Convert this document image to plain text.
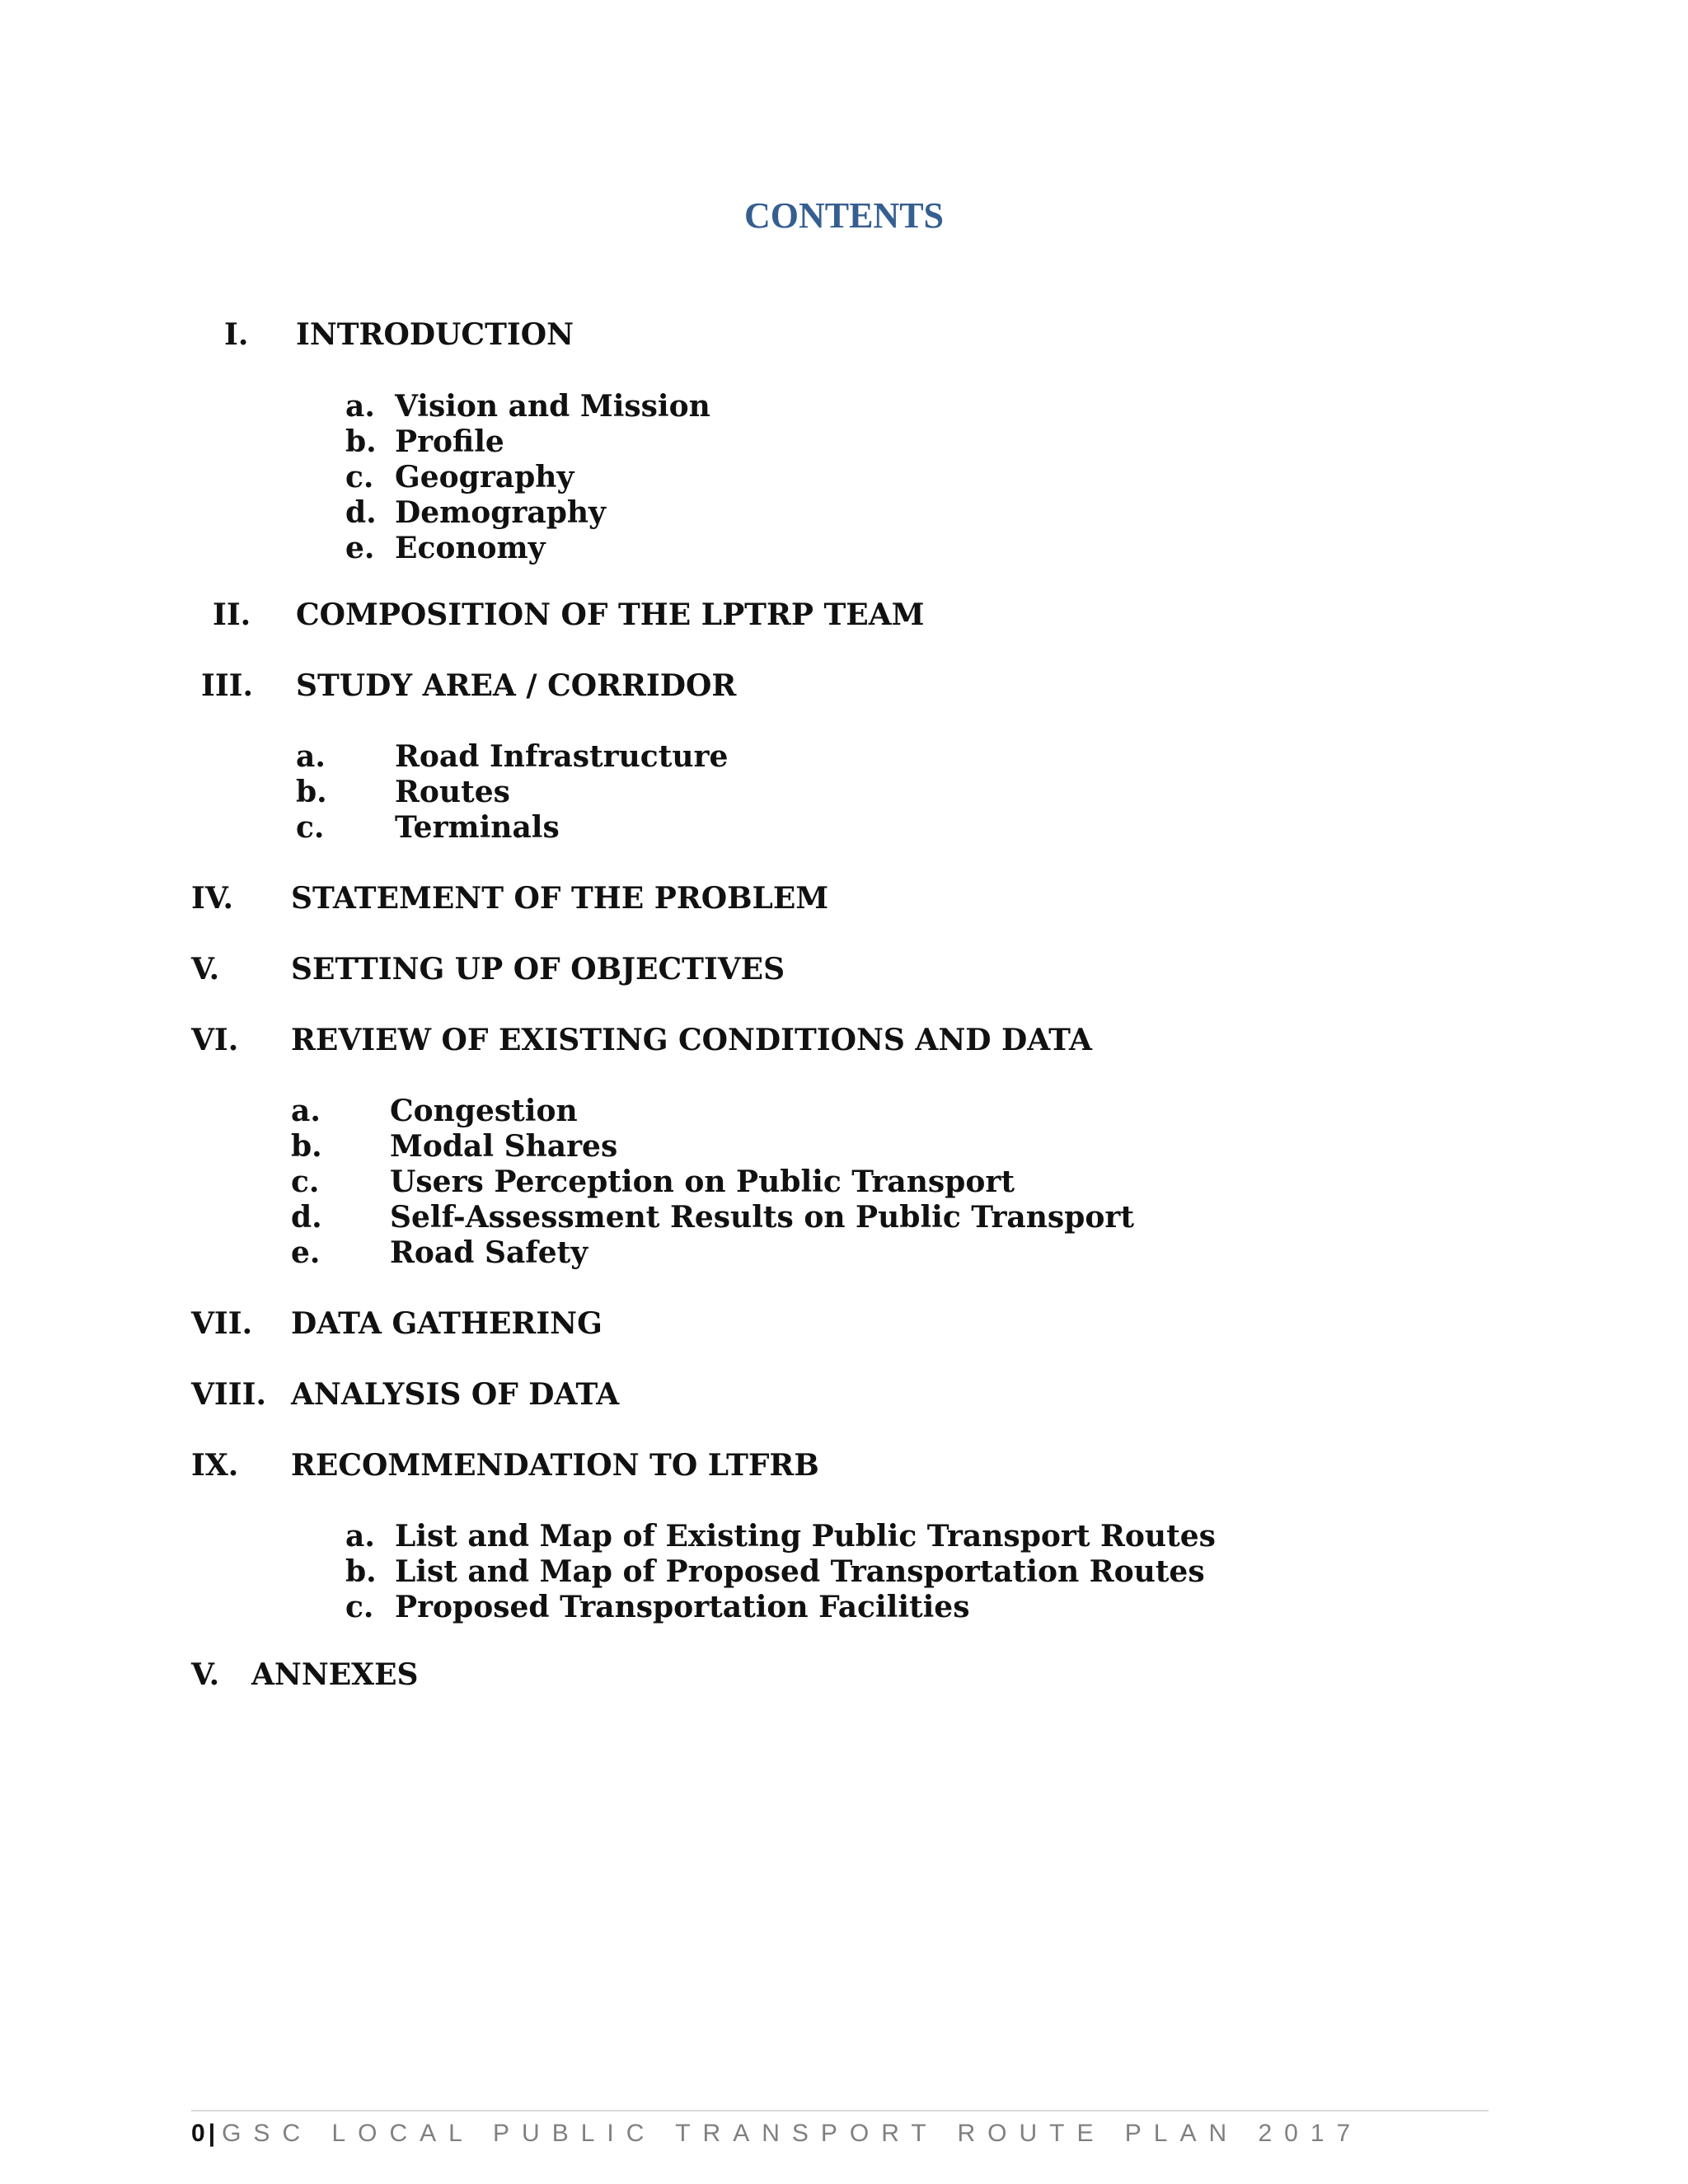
CONTENTS
I. INTRODUCTION
a. Vision and Mission
b. Profile
c. Geography
d. Demography
e. Economy
II. COMPOSITION OF THE LPTRP TEAM
III. STUDY AREA / CORRIDOR
a. Road Infrastructure
b. Routes
c. Terminals
IV. STATEMENT OF THE PROBLEM
V. SETTING UP OF OBJECTIVES
VI. REVIEW OF EXISTING CONDITIONS AND DATA
a. Congestion
b. Modal Shares
c. Users Perception on Public Transport
d. Self-Assessment Results on Public Transport
e. Road Safety
VII. DATA GATHERING
VIII. ANALYSIS OF DATA
IX. RECOMMENDATION TO LTFRB
a. List and Map of Existing Public Transport Routes
b. List and Map of Proposed Transportation Routes
c. Proposed Transportation Facilities
V. ANNEXES
0 | GSC LOCAL PUBLIC TRANSPORT ROUTE PLAN 2017
